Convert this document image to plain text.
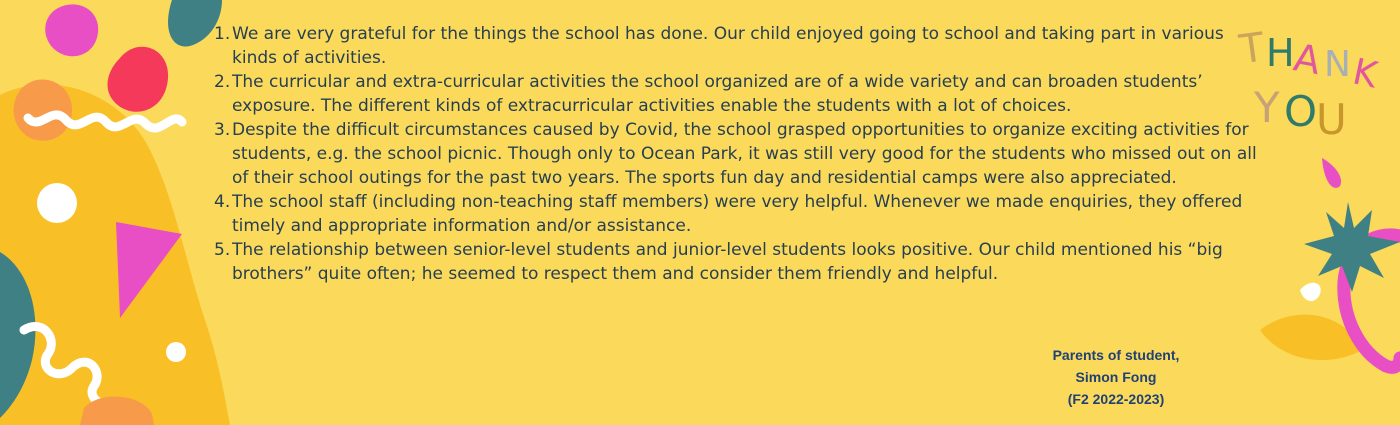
T
H
A N
K
Y O
U
1. We are very grateful for the things the school has done. Our child enjoyed going to school and taking part in various kinds of activities.
2. The curricular and extra-curricular activities the school organized are of a wide variety and can broaden students’ exposure. The different kinds of extracurricular activities enable the students with a lot of choices.
3. Despite the difficult circumstances caused by Covid, the school grasped opportunities to organize exciting activities for students, e.g. the school picnic. Though only to Ocean Park, it was still very good for the students who missed out on all of their school outings for the past two years. The sports fun day and residential camps were also appreciated.
4. The school staff (including non-teaching staff members) were very helpful. Whenever we made enquiries, they offered timely and appropriate information and/or assistance.
5. The relationship between senior-level students and junior-level students looks positive. Our child mentioned his “big brothers” quite often; he seemed to respect them and consider them friendly and helpful.
Parents of student,
Simon Fong
(F2 2022-2023)
